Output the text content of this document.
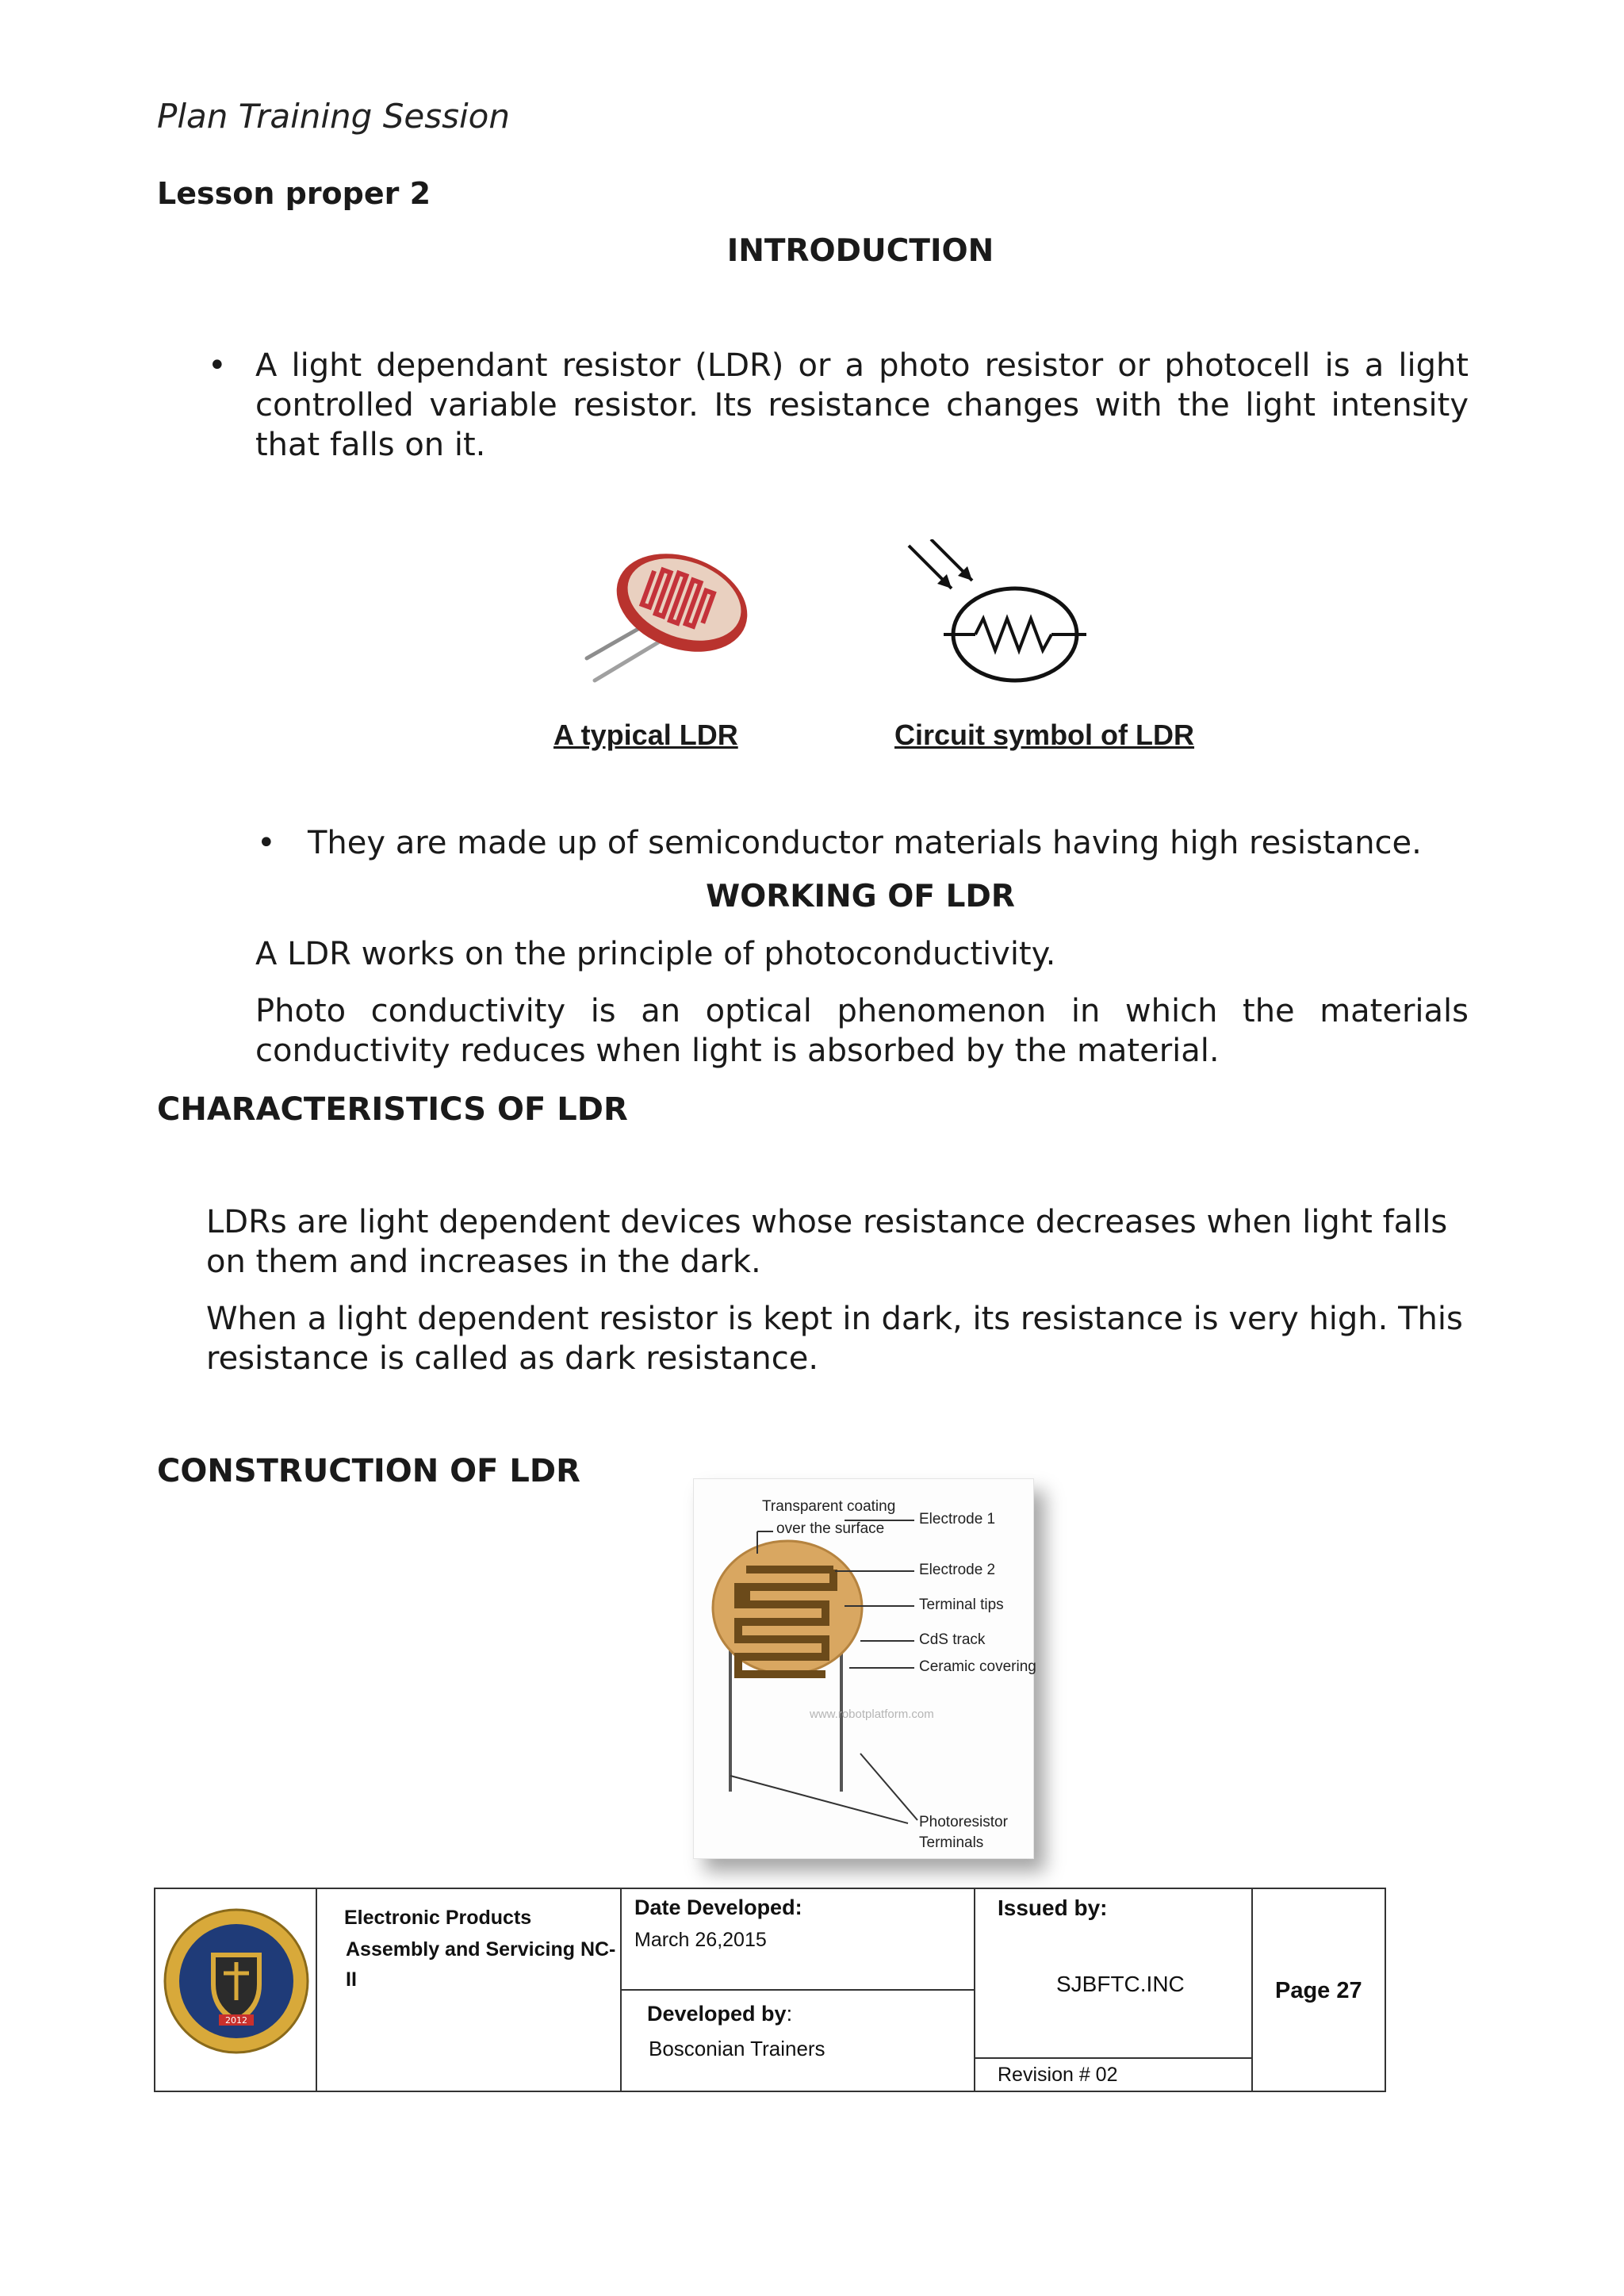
Plan Training Session
Lesson proper 2
INTRODUCTION
• A light dependant resistor (LDR) or a photo resistor or photocell is a light controlled variable resistor. Its resistance changes with the light intensity that falls on it.
A typical LDR	Circuit symbol of LDR
• They are made up of semiconductor materials having high resistance.
WORKING OF LDR
A LDR works on the principle of photoconductivity.
Photo conductivity is an optical phenomenon in which the materials conductivity reduces when light is absorbed by the material.
CHARACTERISTICS OF LDR
LDRs are light dependent devices whose resistance decreases when light falls on them and increases in the dark.
When a light dependent resistor is kept in dark, its resistance is very high. This resistance is called as dark resistance.
CONSTRUCTION OF LDR
Transparent coating
over the surface
Electrode 1
Electrode 2
Terminal tips
CdS track
Ceramic covering
www.robotplatform.com
Photoresistor
Terminals
2012
Electronic Products
Assembly and Servicing NC-
II
Date Developed:
March 26,2015
Developed by:
Bosconian Trainers
Issued by:
SJBFTC.INC
Revision # 02
Page 27
